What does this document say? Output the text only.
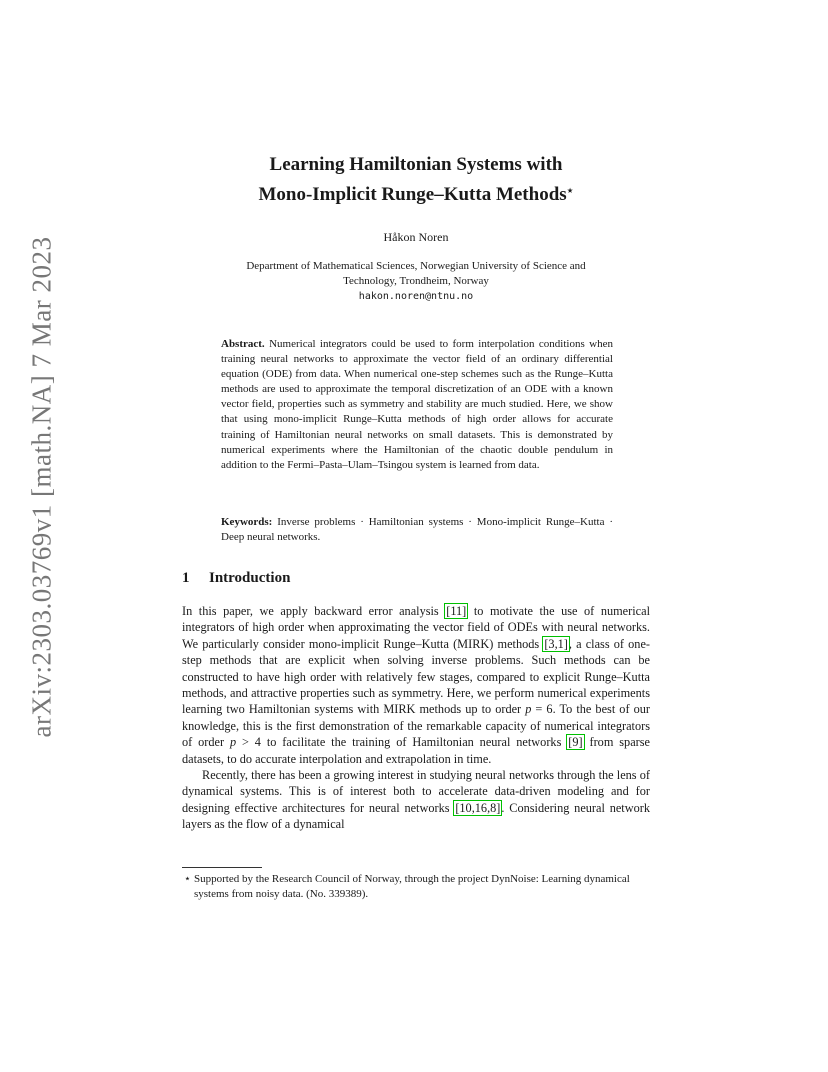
arXiv:2303.03769v1 [math.NA] 7 Mar 2023
Learning Hamiltonian Systems with
Mono-Implicit Runge–Kutta Methods⋆
Håkon Noren
Department of Mathematical Sciences, Norwegian University of Science and
Technology, Trondheim, Norway
hakon.noren@ntnu.no
Abstract. Numerical integrators could be used to form interpolation conditions when training neural networks to approximate the vector field of an ordinary differential equation (ODE) from data. When numerical one-step schemes such as the Runge–Kutta methods are used to approximate the temporal discretization of an ODE with a known vector field, properties such as symmetry and stability are much studied. Here, we show that using mono-implicit Runge–Kutta methods of high order allows for accurate training of Hamiltonian neural networks on small datasets. This is demonstrated by numerical experiments where the Hamiltonian of the chaotic double pendulum in addition to the Fermi–Pasta–Ulam–Tsingou system is learned from data.
Keywords: Inverse problems · Hamiltonian systems · Mono-implicit Runge–Kutta · Deep neural networks.
1 Introduction

In this paper, we apply backward error analysis [11] to motivate the use of numerical integrators of high order when approximating the vector field of ODEs with neural networks. We particularly consider mono-implicit Runge–Kutta (MIRK) methods [3,1], a class of one-step methods that are explicit when solving inverse problems. Such methods can be constructed to have high order with relatively few stages, compared to explicit Runge–Kutta methods, and attractive properties such as symmetry. Here, we perform numerical experiments learning two Hamiltonian systems with MIRK methods up to order p = 6. To the best of our knowledge, this is the first demonstration of the remarkable capacity of numerical integrators of order p > 4 to facilitate the training of Hamiltonian neural networks [9] from sparse datasets, to do accurate interpolation and extrapolation in time.

Recently, there has been a growing interest in studying neural networks through the lens of dynamical systems. This is of interest both to accelerate data-driven modeling and for designing effective architectures for neural networks [10,16,8]. Considering neural network layers as the flow of a dynamical

⋆ Supported by the Research Council of Norway, through the project DynNoise: Learning dynamical systems from noisy data. (No. 339389).
